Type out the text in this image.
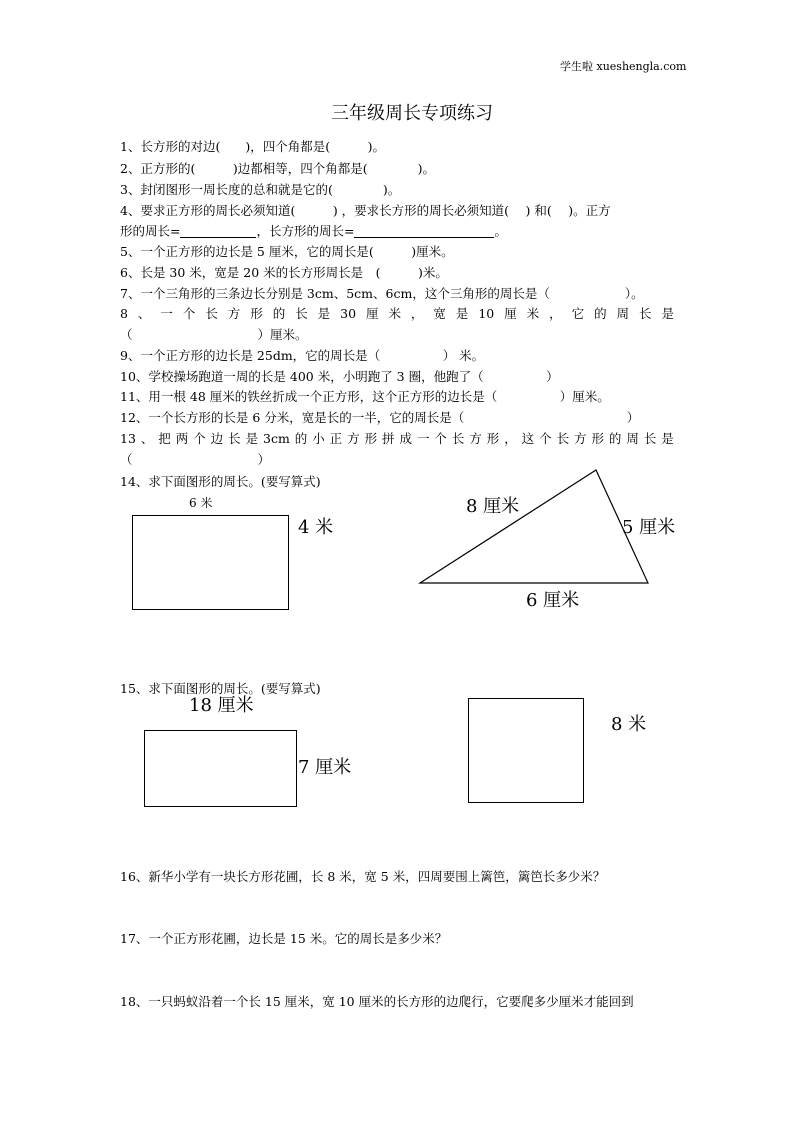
学生啦 xueshengla.com
三年级周长专项练习
1、长方形的对边(　　)，四个角都是(　　　)。
2、正方形的(　　　)边都相等，四个角都是(　　　　)。
3、封闭图形一周长度的总和就是它的(　　　　)。
4、要求正方形的周长必须知道(　　　) ，要求长方形的周长必须知道(　 ) 和(　 )。正方
形的周长=	，长方形的周长=	。
5、一个正方形的边长是 5 厘米，它的周长是(　　　)厘米。
6、长是 30 米，宽是 20 米的长方形周长是　(　　　)米。
7、一个三角形的三条边长分别是 3cm、5cm、6cm，这个三角形的周长是（　　　　　　）。
8 、 一 个 长 方 形 的 长 是 30 厘 米 ， 宽 是 10 厘 米 ， 它 的 周 长 是
（　　　　　　　　　　）厘米。
9、一个正方形的边长是 25dm，它的周长是（　　　　　） 米。
10、学校操场跑道一周的长是 400 米，小明跑了 3 圈，他跑了（　　　　　）
11、用一根 48 厘米的铁丝折成一个正方形，这个正方形的边长是（　　　　　）厘米。
12、一个长方形的长是 6 分米，宽是长的一半，它的周长是（　　　　　　　　　　　　　）
13 、 把 两 个 边 长 是 3cm 的 小 正 方 形 拼 成 一 个 长 方 形 ， 这 个 长 方 形 的 周 长 是
（　　　　　　　　　　）
14、求下面图形的周长。(要写算式)
6 米
4 米
8 厘米
5 厘米
6 厘米
15、求下面图形的周长。(要写算式)
18 厘米
7 厘米
8 米
16、新华小学有一块长方形花圃，长 8 米，宽 5 米，四周要围上篱笆，篱笆长多少米？
17、一个正方形花圃，边长是 15 米。它的周长是多少米？
18、一只蚂蚁沿着一个长 15 厘米，宽 10 厘米的长方形的边爬行，它要爬多少厘米才能回到
